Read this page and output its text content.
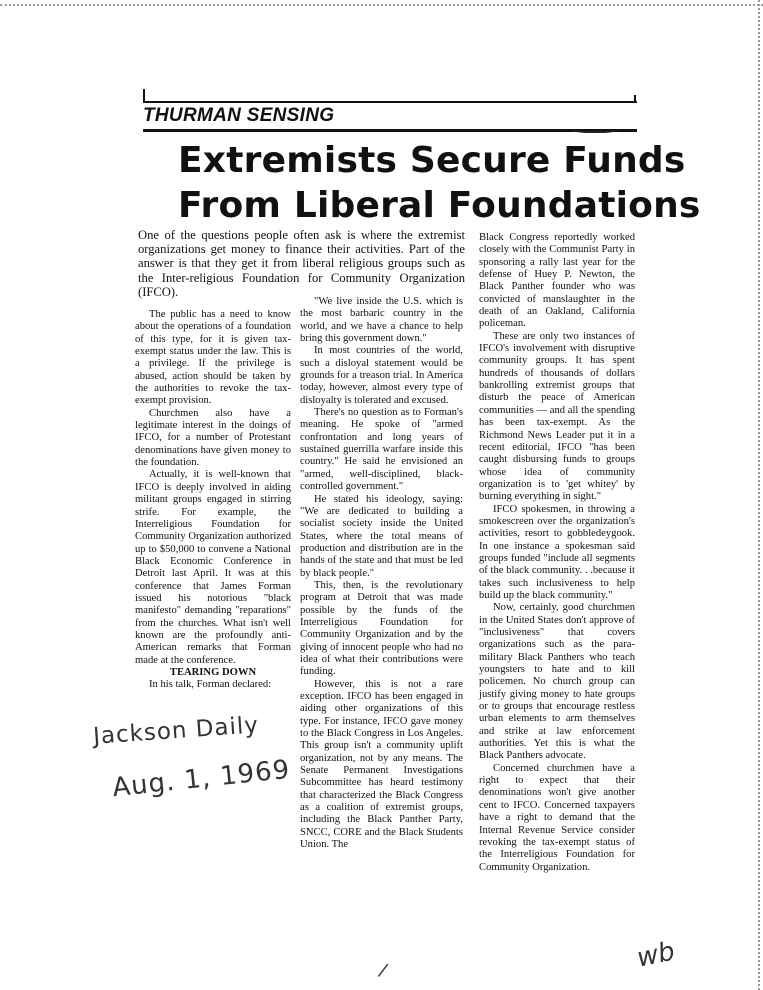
THURMAN SENSING
Extremists Secure Funds
From Liberal Foundations
One of the questions people often ask is where the extremist organizations get money to finance their activities. Part of the answer is that they get it from liberal religious groups such as the Inter-religious Foundation for Community Organization (IFCO).

The public has a need to know about the operations of a foundation of this type, for it is given tax-exempt status under the law. This is a privilege. If the privilege is abused, action should be taken by the authorities to revoke the tax-exempt provision.

Churchmen also have a legitimate interest in the doings of IFCO, for a number of Protestant denominations have given money to the foundation.

Actually, it is well-known that IFCO is deeply involved in aiding militant groups engaged in stirring strife. For example, the Interreligious Foundation for Community Organization authorized up to $50,000 to convene a National Black Economic Conference in Detroit last April. It was at this conference that James Forman issued his notorious "black manifesto" demanding "reparations" from the churches. What isn't well known are the profoundly anti-American remarks that Forman made at the conference.

TEARING DOWN

In his talk, Forman declared:

"We live inside the U.S. which is the most barbaric country in the world, and we have a chance to help bring this government down."

In most countries of the world, such a disloyal statement would be grounds for a treason trial. In America today, however, almost every type of disloyalty is tolerated and excused.

There's no question as to Forman's meaning. He spoke of "armed confrontation and long years of sustained guerrilla warfare inside this country." He said he envisioned an "armed, well-disciplined, black-controlled government."

He stated his ideology, saying: "We are dedicated to building a socialist society inside the United States, where the total means of production and distribution are in the hands of the state and that must be led by black people."

This, then, is the revolutionary program at Detroit that was made possible by the funds of the Interreligious Foundation for Community Organization and by the giving of innocent people who had no idea of what their contributions were funding.

However, this is not a rare exception. IFCO has been engaged in aiding other organizations of this type. For instance, IFCO gave money to the Black Congress in Los Angeles. This group isn't a community uplift organization, not by any means. The Senate Permanent Investigations Subcommittee has heard testimony that characterized the Black Congress as a coalition of extremist groups, including the Black Panther Party, SNCC, CORE and the Black Students Union. The

Black Congress reportedly worked closely with the Communist Party in sponsoring a rally last year for the defense of Huey P. Newton, the Black Panther founder who was convicted of manslaughter in the death of an Oakland, California policeman.

These are only two instances of IFCO's involvement with disruptive community groups. It has spent hundreds of thousands of dollars bankrolling extremist groups that disturb the peace of American communities — and all the spending has been tax-exempt. As the Richmond News Leader put it in a recent editorial, IFCO "has been caught disbursing funds to groups whose idea of community organization is to 'get whitey' by burning everything in sight."

IFCO spokesmen, in throwing a smokescreen over the organization's activities, resort to gobbledeygook. In one instance a spokesman said groups funded "include all segments of the black community. . .because it takes such inclusiveness to help build up the black community."

Now, certainly, good churchmen in the United States don't approve of "inclusiveness" that covers organizations such as the para-military Black Panthers who teach youngsters to hate and to kill policemen. No church group can justify giving money to hate groups or to groups that encourage restless urban elements to arm themselves and strike at law enforcement authorities. Yet this is what the Black Panthers advocate.

Concerned churchmen have a right to expect that their denominations won't give another cent to IFCO. Concerned taxpayers have a right to demand that the Internal Revenue Service consider revoking the tax-exempt status of the Interreligious Foundation for Community Organization.

Jackson Daily
Aug. 1, 1969
wb
/
